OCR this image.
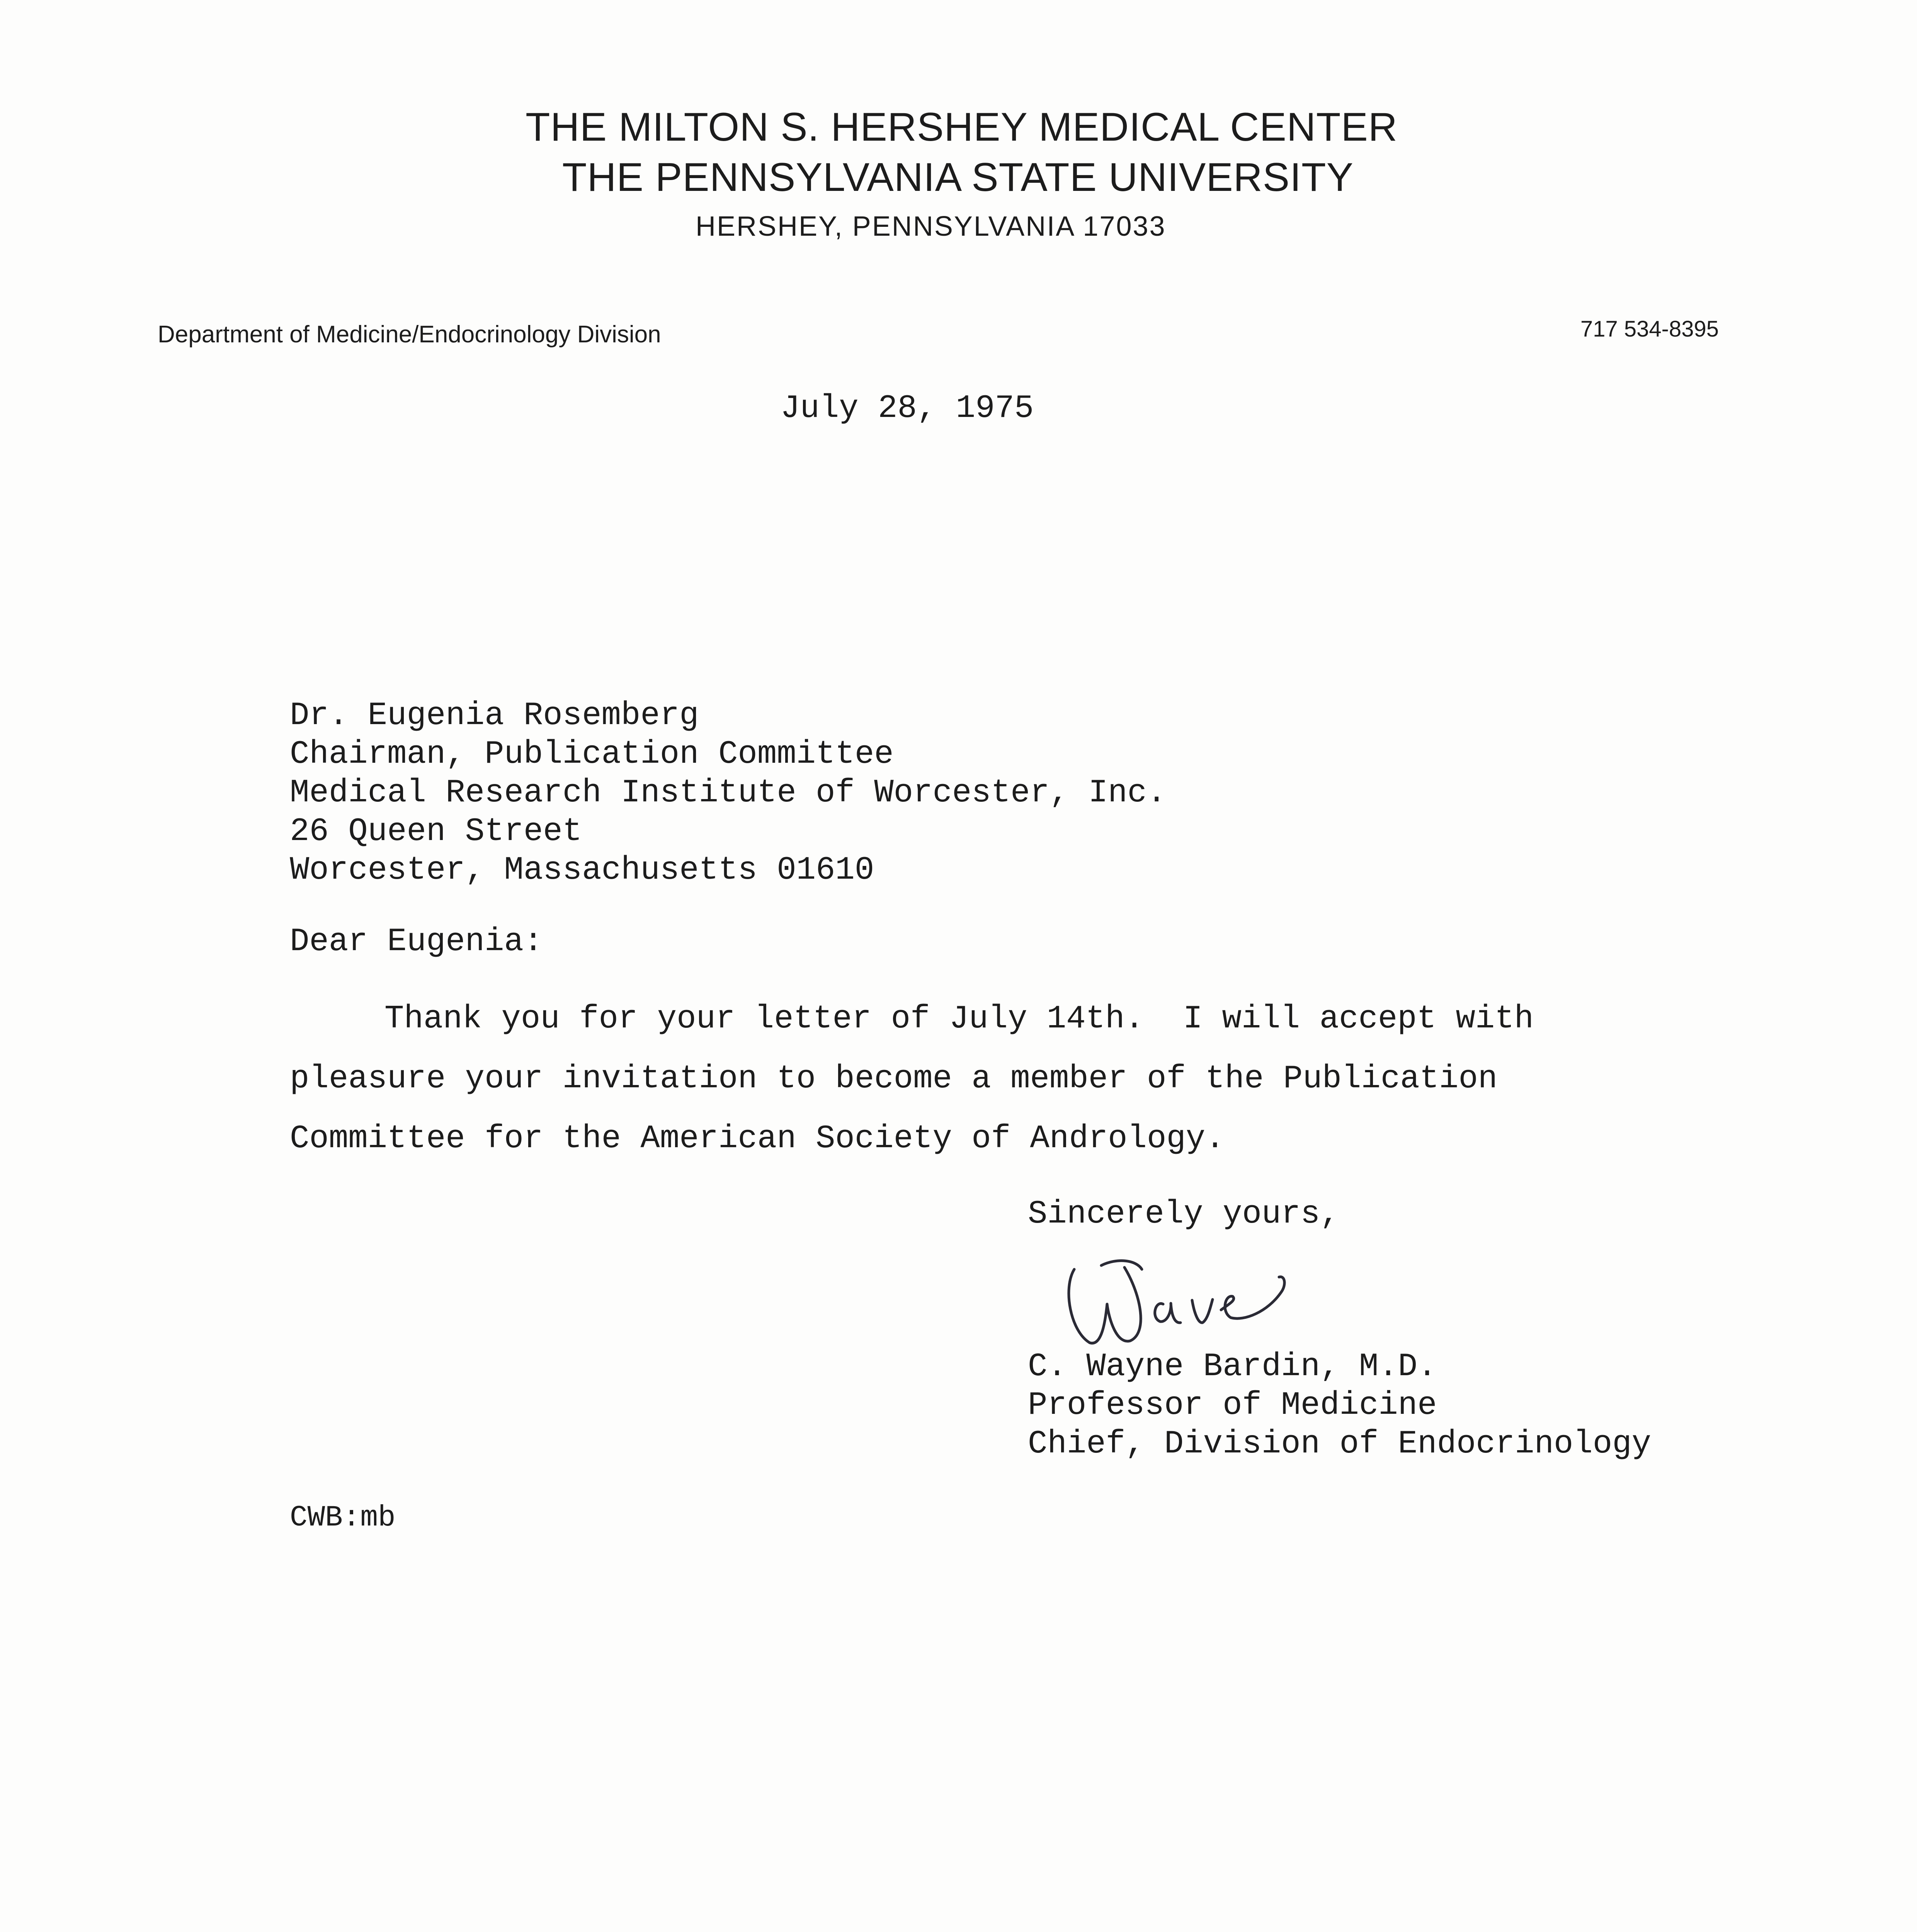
THE MILTON S. HERSHEY MEDICAL CENTER
THE PENNSYLVANIA STATE UNIVERSITY
HERSHEY, PENNSYLVANIA 17033
Department of Medicine/Endocrinology Division	717 534-8395
July 28, 1975
Dr. Eugenia Rosemberg
Chairman, Publication Committee
Medical Research Institute of Worcester, Inc.
26 Queen Street
Worcester, Massachusetts 01610
Dear Eugenia:
Thank you for your letter of July 14th.  I will accept with
pleasure your invitation to become a member of the Publication
Committee for the American Society of Andrology.
Sincerely yours,
C. Wayne Bardin, M.D.
Professor of Medicine
Chief, Division of Endocrinology
CWB:mb
